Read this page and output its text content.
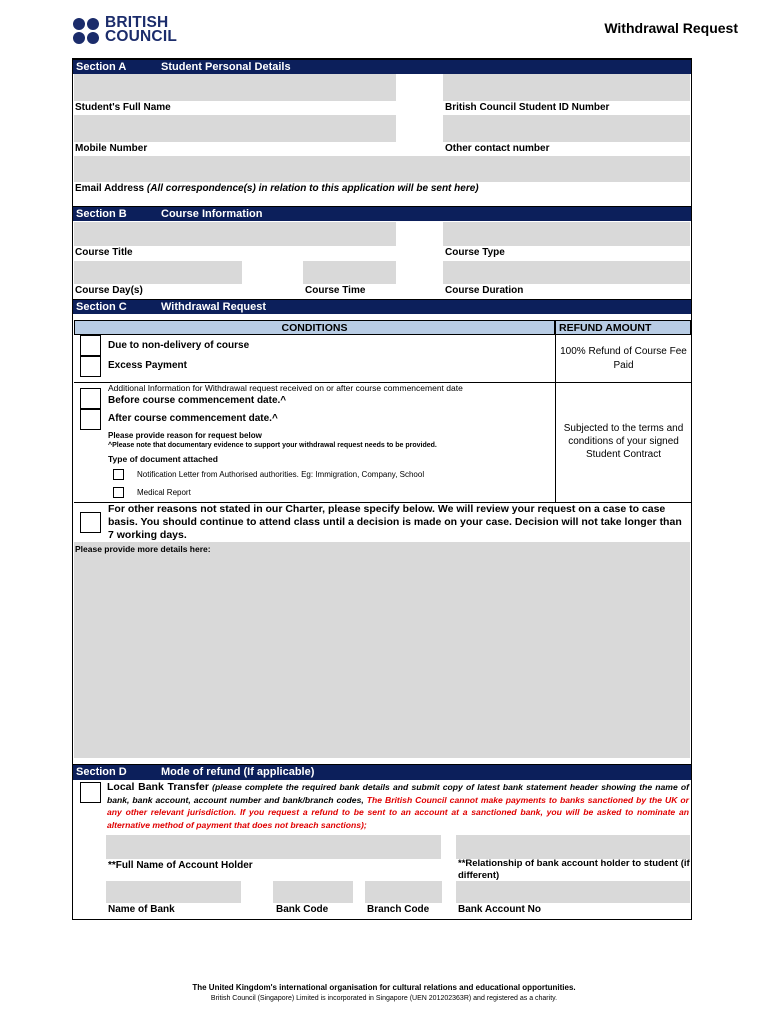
BRITISH
COUNCIL	Withdrawal Request
Section A	Student Personal Details
Student's Full Name	British Council Student ID Number
Mobile Number	Other contact number
Email Address (All correspondence(s) in relation to this application will be sent here)
Section B	Course Information
Course Title	Course Type
Course Day(s)	Course Time	Course Duration
Section C	Withdrawal Request
CONDITIONS	REFUND AMOUNT
Due to non-delivery of course
Excess Payment
100% Refund of Course Fee Paid
Additional Information for Withdrawal request received on or after course commencement date
Before course commencement date.^
After course commencement date.^
Please provide reason for request below
^Please note that documentary evidence to support your withdrawal request needs to be provided.
Type of document attached
Notification Letter from Authorised authorities. Eg: Immigration, Company, School
Medical Report
Subjected to the terms and conditions of your signed Student Contract
For other reasons not stated in our Charter, please specify below. We will review your request on a case to case
basis. You should continue to attend class until a decision is made on your case. Decision will not take longer than
7 working days.
Please provide more details here:
Section D	Mode of refund (If applicable)
Local Bank Transfer (please complete the required bank details and submit copy of latest bank statement header showing the name of bank, bank account, account number and bank/branch codes, The British Council cannot make payments to banks sanctioned by the UK or any other relevant jurisdiction. If you request a refund to be sent to an account at a sanctioned bank, you will be asked to nominate an alternative method of payment that does not breach sanctions);
**Full Name of Account Holder	**Relationship of bank account holder to student (if
different)
Name of Bank	Bank Code	Branch Code	Bank Account No
The United Kingdom's international organisation for cultural relations and educational opportunities.
British Council (Singapore) Limited is incorporated in Singapore (UEN 201202363R) and registered as a charity.
